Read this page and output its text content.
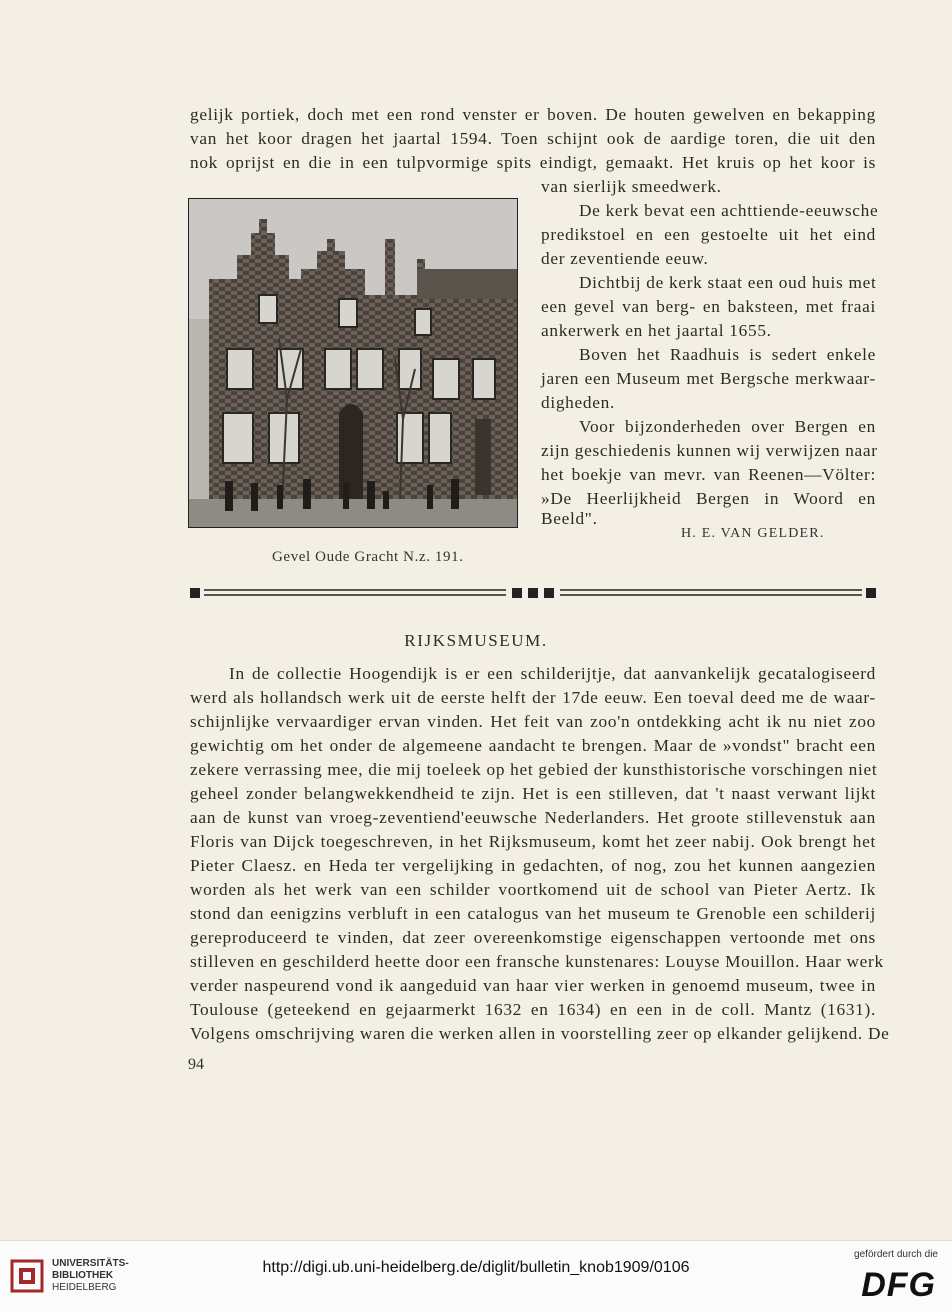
gelijk portiek, doch met een rond venster er boven. De houten gewelven en bekapping
van het koor dragen het jaartal 1594. Toen schijnt ook de aardige toren, die uit den
nok oprijst en die in een tulpvormige spits eindigt, gemaakt. Het kruis op het koor is
van sierlijk smeedwerk.
De kerk bevat een achttiende-eeuwsche
predikstoel en een gestoelte uit het eind
der zeventiende eeuw.
Dichtbij de kerk staat een oud huis met
een gevel van berg- en baksteen, met fraai
ankerwerk en het jaartal 1655.
Boven het Raadhuis is sedert enkele
jaren een Museum met Bergsche merkwaar-
digheden.
Voor bijzonderheden over Bergen en
zijn geschiedenis kunnen wij verwijzen naar
het boekje van mevr. van Reenen—Völter:
»De Heerlijkheid Bergen in Woord en
Beeld".
H. E. VAN GELDER.
Gevel Oude Gracht N.z. 191.
RIJKSMUSEUM.
In de collectie Hoogendijk is er een schilderijtje, dat aanvankelijk gecatalogiseerd
werd als hollandsch werk uit de eerste helft der 17de eeuw. Een toeval deed me de waar-
schijnlijke vervaardiger ervan vinden. Het feit van zoo'n ontdekking acht ik nu niet zoo
gewichtig om het onder de algemeene aandacht te brengen. Maar de »vondst" bracht een
zekere verrassing mee, die mij toeleek op het gebied der kunsthistorische vorschingen niet
geheel zonder belangwekkendheid te zijn. Het is een stilleven, dat 't naast verwant lijkt
aan de kunst van vroeg-zeventiend'eeuwsche Nederlanders. Het groote stillevenstuk aan
Floris van Dijck toegeschreven, in het Rijksmuseum, komt het zeer nabij. Ook brengt het
Pieter Claesz. en Heda ter vergelijking in gedachten, of nog, zou het kunnen aangezien
worden als het werk van een schilder voortkomend uit de school van Pieter Aertz. Ik
stond dan eenigzins verbluft in een catalogus van het museum te Grenoble een schilderij
gereproduceerd te vinden, dat zeer overeenkomstige eigenschappen vertoonde met ons
stilleven en geschilderd heette door een fransche kunstenares: Louyse Mouillon. Haar werk
verder naspeurend vond ik aangeduid van haar vier werken in genoemd museum, twee in
Toulouse (geteekend en gejaarmerkt 1632 en 1634) en een in de coll. Mantz (1631).
Volgens omschrijving waren die werken allen in voorstelling zeer op elkander gelijkend. De
94
UNIVERSITÄTS-
BIBLIOTHEK
HEIDELBERG
http://digi.ub.uni-heidelberg.de/diglit/bulletin_knob1909/0106
gefördert durch die
DFG
